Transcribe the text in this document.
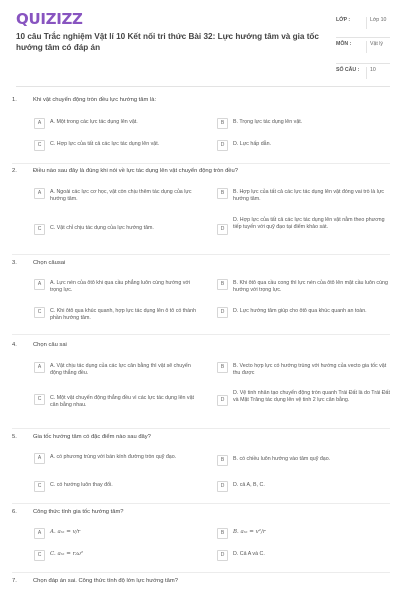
QUIZIZZ
10 câu Trắc nghiệm Vật lí 10 Kết nối tri thức Bài 32: Lực hướng tâm và gia tốc hướng tâm có đáp án
LỚP :	Lớp 10
MÔN :	Vật lý
SỐ CÂU :	10
1.	Khi vật chuyển động tròn đều lực hướng tâm là:
A	A. Một trong các lực tác dụng lên vật.	B	B. Trọng lực tác dụng lên vật.
C	C. Hợp lực của tất cả các lực tác dụng lên vật.	D	D. Lực hấp dẫn.
2.	Điều nào sau đây là đúng khi nói về lực tác dụng lên vật chuyển động tròn đều?
A	A. Ngoài các lực cơ học, vật còn chịu thêm tác dụng của lực hướng tâm.
B	B. Hợp lực của tất cả các lực tác dụng lên vật đóng vai trò là lực hướng tâm.
C	C. Vật chỉ chịu tác dụng của lực hướng tâm.	D
D. Hợp lực của tất cả các lực tác dụng lên vật nằm theo phương tiếp tuyến với quỹ đạo tại điểm khảo sát.
3.	Chọn câusai
A	A. Lực nén của ôtô khi qua cầu phẳng luôn cùng hướng với trọng lực.
B	B. Khi ôtô qua cầu cong thì lực nén của ôtô lên mặt cầu luôn cùng hướng với trọng lực.
C	C. Khi ôtô qua khúc quanh, hợp lực tác dụng lên ô tô có thành phần hướng tâm.
D	D. Lực hướng tâm giúp cho ôtô qua khúc quanh an toàn.
4.	Chọn câu sai
A	A. Vật chịu tác dụng của các lực cân bằng thì vật sẽ chuyển động thẳng đều.
B	B. Vecto hợp lực có hướng trùng với hướng của vecto gia tốc vật thu được
C	C. Một vật chuyển động thẳng đều vì các lực tác dụng lên vật cân bằng nhau.
D
D. Vệ tinh nhân tạo chuyển động tròn quanh Trái Đất là do Trái Đất và Mặt Trăng tác dụng lên vệ tinh 2 lực cân bằng.
5.	Gia tốc hướng tâm có đặc điểm nào sau đây?
A	A. có phương trùng với bán kính đường tròn quỹ đạo.	B	B. có chiều luôn hướng vào tâm quỹ đạo.
C	C. có hướng luôn thay đổi.	D	D. cả A, B, C.
6.	Công thức tính gia tốc hướng tâm?
A	A. aₕₜ = v/r	B	B. aₕₜ = v²/r
C	C. aₕₜ = r.ω²	D	D. Cả A và C.
7.	Chọn đáp án sai. Công thức tính độ lớn lực hướng tâm?
